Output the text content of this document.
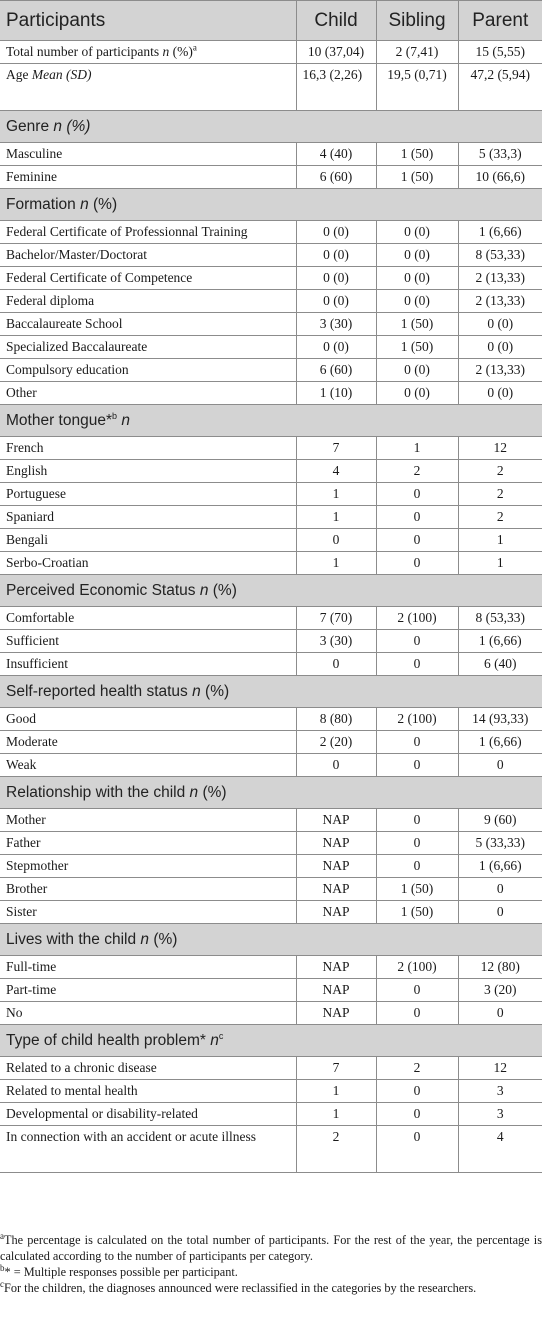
Participants	Child	Sibling	Parent
Total number of participants n (%)$^a$	10 (37,04)	2 (7,41)	15 (5,55)
Age Mean (SD)	16,3 (2,26)	19,5 (0,71)	47,2 (5,94)
Genre n (%)			
Masculine	4 (40)	1 (50)	5 (33,3)
Feminine	6 (60)	1 (50)	10 (66,6)
Formation n (%)			
Federal Certificate of Professionnal Training	0 (0)	0 (0)	1 (6,66)
Bachelor/Master/Doctorat	0 (0)	0 (0)	8 (53,33)
Federal Certificate of Competence	0 (0)	0 (0)	2 (13,33)
Federal diploma	0 (0)	0 (0)	2 (13,33)
Baccalaureate School	3 (30)	1 (50)	0 (0)
Specialized Baccalaureate	0 (0)	1 (50)	0 (0)
Compulsory education	6 (60)	0 (0)	2 (13,33)
Other	1 (10)	0 (0)	0 (0)
Mother tongue*$^b$ n			
French	7	1	12
English	4	2	2
Portuguese	1	0	2
Spaniard	1	0	2
Bengali	0	0	1
Serbo-Croatian	1	0	1
Perceived Economic Status n (%)			
Comfortable	7 (70)	2 (100)	8 (53,33)
Sufficient	3 (30)	0	1 (6,66)
Insufficient	0	0	6 (40)
Self-reported health status n (%)			
Good	8 (80)	2 (100)	14 (93,33)
Moderate	2 (20)	0	1 (6,66)
Weak	0	0	0
Relationship with the child n (%)			
Mother	NAP	0	9 (60)
Father	NAP	0	5 (33,33)
Stepmother	NAP	0	1 (6,66)
Brother	NAP	1 (50)	0
Sister	NAP	1 (50)	0
Lives with the child n (%)			
Full-time	NAP	2 (100)	12 (80)
Part-time	NAP	0	3 (20)
No	NAP	0	0
Type of child health problem* $n^c$
Related to a chronic disease	7	2	12
Related to mental health	1	0	3
Developmental or disability-related	1	0	3
In connection with an accident or acute illness	2	0	4

$^a$The percentage is calculated on the total number of participants. For the rest of the year, the percentage is calculated according to the number of participants per category.

$^b$* = Multiple responses possible per participant.

$^c$For the children, the diagnoses announced were reclassified in the categories by the researchers.
